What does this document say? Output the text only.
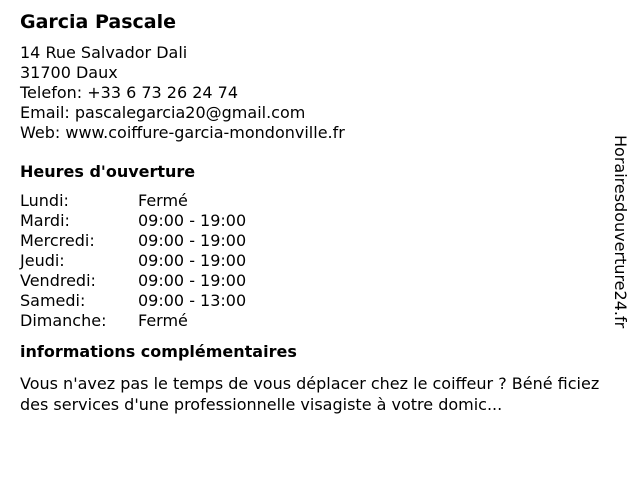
Garcia Pascale
14 Rue Salvador Dali
31700 Daux
Telefon: +33 6 73 26 24 74
Email: pascalegarcia20@gmail.com
Web: www.coiffure-garcia-mondonville.fr
Heures d'ouverture
Lundi:	Fermé
Mardi:	09:00 - 19:00
Mercredi:	09:00 - 19:00
Jeudi:	09:00 - 19:00
Vendredi:	09:00 - 19:00
Samedi:	09:00 - 13:00
Dimanche:	Fermé
informations complémentaires
Vous n'avez pas le temps de vous déplacer chez le coiffeur ? Béné ficiez des services d'une professionnelle visagiste à votre domic...
Horairesdouverture24.fr
